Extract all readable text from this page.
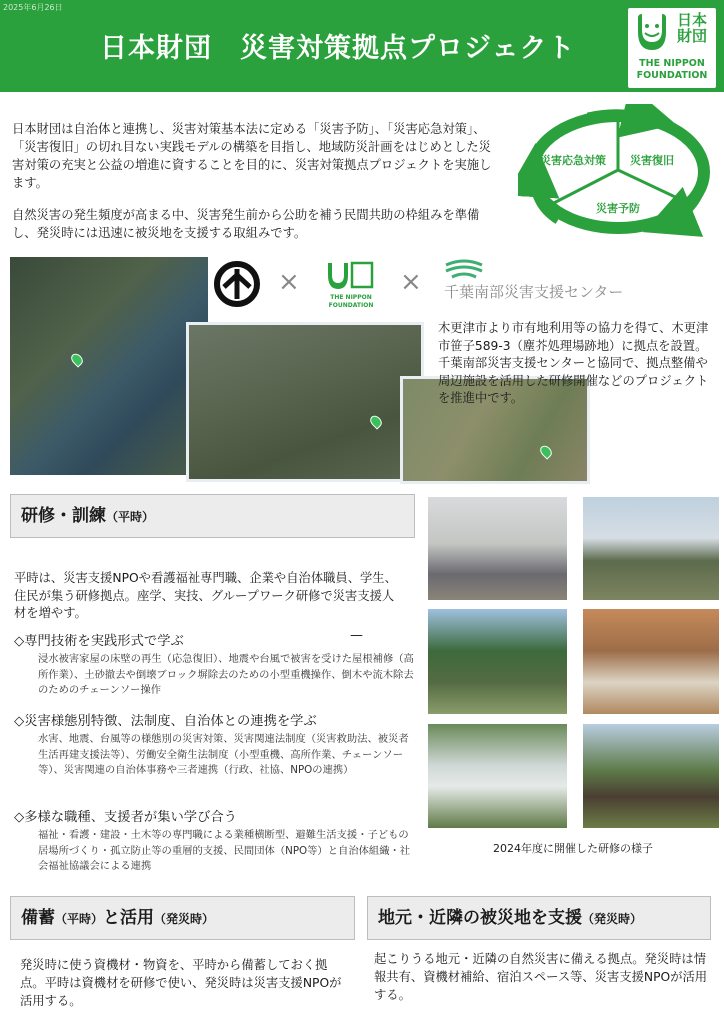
2025年6月26日
日本財団　災害対策拠点プロジェクト
日本財団
THE NIPPON
FOUNDATION
日本財団は自治体と連携し、災害対策基本法に定める「災害予防」、「災害応急対策」、「災害復旧」の切れ目ない実践モデルの構築を目指し、地域防災計画をはじめとした災害対策の充実と公益の増進に資することを目的に、災害対策拠点プロジェクトを実施します。
自然災害の発生頻度が高まる中、災害発生前から公助を補う民間共助の枠組みを準備し、発災時には迅速に被災地を支援する取組みです。
災害応急対策 災害復旧
災害予防
×
THE NIPPON
FOUNDATION
× 千葉南部災害支援センター
木更津市より市有地利用等の協力を得て、木更津市笹子589-3（塵芥処理場跡地）に拠点を設置。千葉南部災害支援センターと協同で、拠点整備や周辺施設を活用した研修開催などのプロジェクトを推進中です。
研修・訓練（平時）
平時は、災害支援NPOや看護福祉専門職、企業や自治体職員、学生、住民が集う研修拠点。座学、実技、グループワーク研修で災害支援人材を増やす。
◇専門技術を実践形式で学ぶ	—
浸水被害家屋の床壁の再生（応急復旧）、地震や台風で被害を受けた屋根補修（高所作業）、土砂撤去や倒壊ブロック塀除去のための小型重機操作、倒木や流木除去のためのチェーンソー操作
◇災害様態別特徴、法制度、自治体との連携を学ぶ
水害、地震、台風等の様態別の災害対策、災害関連法制度（災害救助法、被災者生活再建支援法等）、労働安全衛生法制度（小型重機、高所作業、チェーンソー等）、災害関連の自治体事務や三者連携（行政、社協、NPOの連携）
◇多様な職種、支援者が集い学び合う
福祉・看護・建設・土木等の専門職による業種横断型、避難生活支援・子どもの居場所づくり・孤立防止等の重層的支援、民間団体（NPO等）と自治体組織・社会福祉協議会による連携
2024年度に開催した研修の様子
備蓄（平時）と活用（発災時）
発災時に使う資機材・物資を、平時から備蓄しておく拠点。平時は資機材を研修で使い、発災時は災害支援NPOが活用する。
地元・近隣の被災地を支援（発災時）
起こりうる地元・近隣の自然災害に備える拠点。発災時は情報共有、資機材補給、宿泊スペース等、災害支援NPOが活用する。
